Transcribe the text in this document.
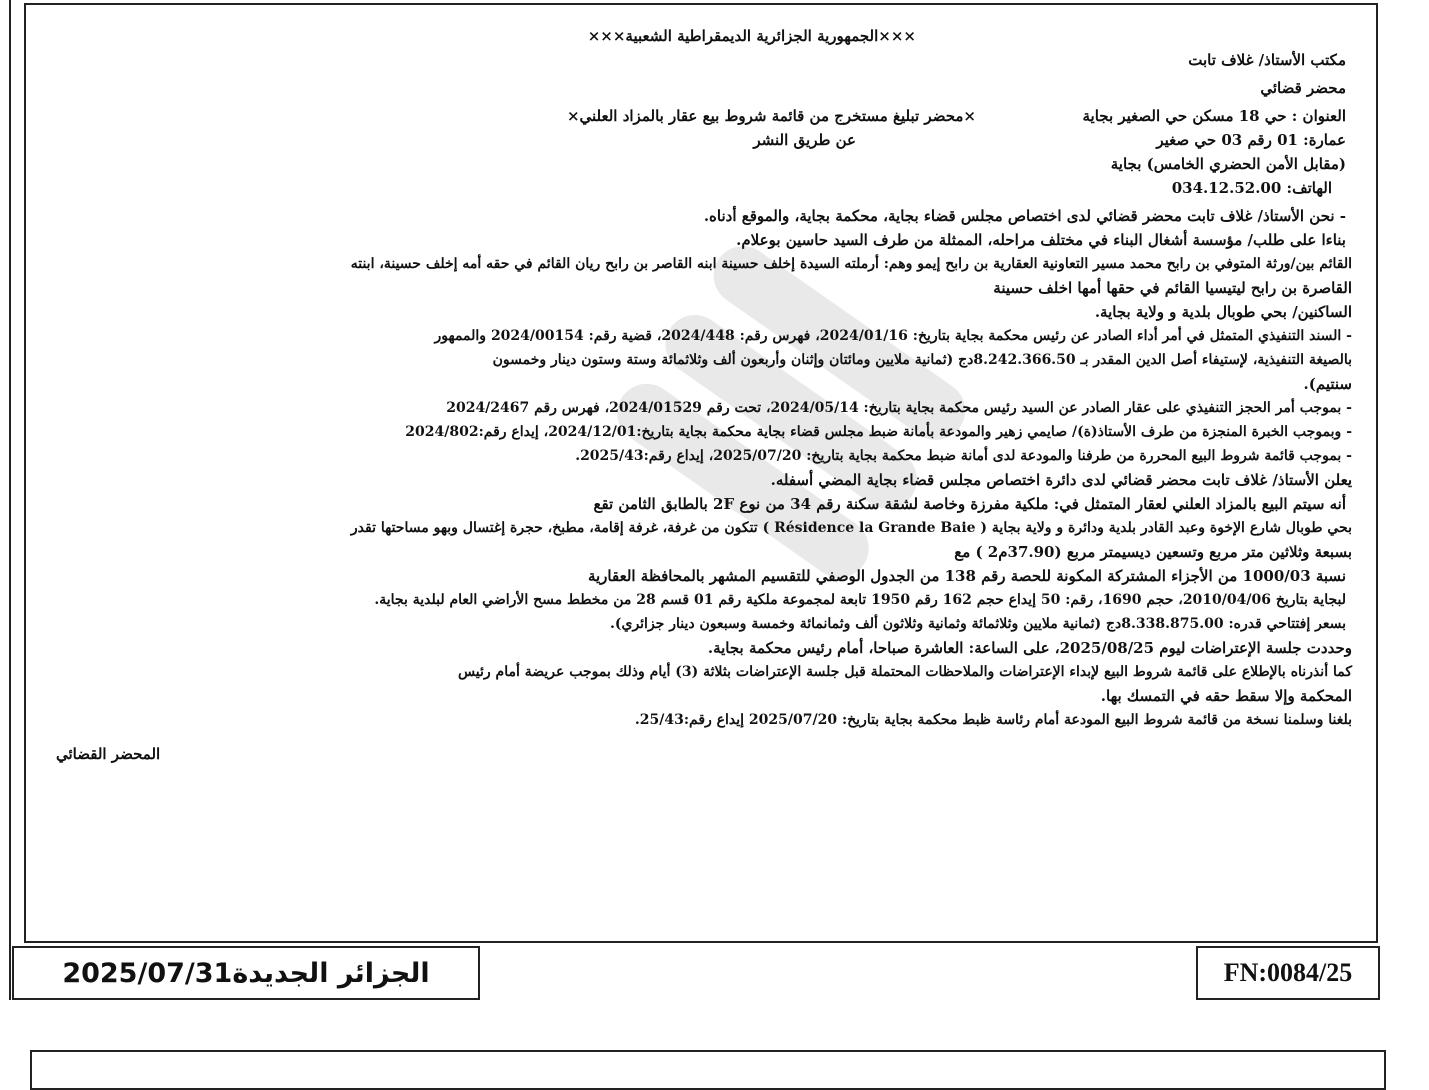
×××الجمهورية الجزائرية الديمقراطية الشعبية×××
مكتب الأستاذ/ غلاف تابت
محضر قضائي
العنوان : حي 18 مسكن حي الصغير بجاية
×محضر تبليغ مستخرج من قائمة شروط بيع عقار بالمزاد العلني×
عمارة: 01 رقم 03 حي صغير
عن طريق النشر
(مقابل الأمن الحضري الخامس) بجاية
الهاتف: 034.12.52.00
- نحن الأستاذ/ غلاف تابت محضر قضائي لدى اختصاص مجلس قضاء بجاية، محكمة بجاية، والموقع أدناه.
بناءا على طلب/ مؤسسة أشغال البناء في مختلف مراحله، الممثلة من طرف السيد حاسين بوعلام.
القائم بين/ورثة المتوفي بن رابح محمد مسير التعاونية العقارية بن رابح إيمو وهم: أرملته السيدة إخلف حسينة ابنه القاصر بن رابح ريان القائم في حقه أمه إخلف حسينة، ابنته
القاصرة بن رابح ليتيسيا القائم في حقها أمها اخلف حسينة
الساكنين/ بحي طوبال بلدية و ولاية بجاية.
- السند التنفيذي المتمثل في أمر أداء الصادر عن رئيس محكمة بجاية بتاريخ: 2024/01/16، فهرس رقم: 2024/448، قضية رقم: 2024/00154 والممهور
بالصيغة التنفيذية، لإستيفاء أصل الدين المقدر بـ 8.242.366.50دج (ثمانية ملايين ومائتان وإثنان وأربعون ألف وثلاثمائة وستة وستون دينار وخمسون
سنتيم).
- بموجب أمر الحجز التنفيذي على عقار الصادر عن السيد رئيس محكمة بجاية بتاريخ: 2024/05/14، تحت رقم 2024/01529، فهرس رقم 2024/2467
- وبموجب الخبرة المنجزة من طرف الأستاذ(ة)/ صايمي زهير والمودعة بأمانة ضبط مجلس قضاء بجاية محكمة بجاية بتاريخ:2024/12/01، إيداع رقم:2024/802
- بموجب قائمة شروط البيع المحررة من طرفنا والمودعة لدى أمانة ضبط محكمة بجاية بتاريخ: 2025/07/20، إيداع رقم:2025/43.
يعلن الأستاذ/ غلاف تابت محضر قضائي لدى دائرة اختصاص مجلس قضاء بجاية المضي أسفله.
أنه سيتم البيع بالمزاد العلني لعقار المتمثل في: ملكية مفرزة وخاصة لشقة سكنة رقم 34 من نوع 2F بالطابق الثامن تقع
بحي طوبال شارع الإخوة وعبد القادر بلدية ودائرة و ولاية بجاية ( Résidence la Grande Baie ) تتكون من غرفة، غرفة إقامة، مطبخ، حجرة إغتسال وبهو مساحتها تقدر
بسبعة وثلاثين متر مربع وتسعين ديسيمتر مربع (37.90م2 ) مع
نسبة 1000/03 من الأجزاء المشتركة المكونة للحصة رقم 138 من الجدول الوصفي للتقسيم المشهر بالمحافظة العقارية
لبجاية بتاريخ 2010/04/06، حجم 1690، رقم: 50 إيداع حجم 162 رقم 1950 تابعة لمجموعة ملكية رقم 01 قسم 28 من مخطط مسح الأراضي العام لبلدية بجاية.
بسعر إفتتاحي قدره: 8.338.875.00دج (ثمانية ملايين وثلاثمائة وثمانية وثلاثون ألف وثمانمائة وخمسة وسبعون دينار جزائري).
وحددت جلسة الإعتراضات ليوم 2025/08/25، على الساعة: العاشرة صباحا، أمام رئيس محكمة بجاية.
كما أنذرناه بالإطلاع على قائمة شروط البيع لإبداء الإعتراضات والملاحظات المحتملة قبل جلسة الإعتراضات بثلاثة (3) أيام وذلك بموجب عريضة أمام رئيس
المحكمة وإلا سقط حقه في التمسك بها.
بلغنا وسلمنا نسخة من قائمة شروط البيع المودعة أمام رئاسة ظبط محكمة بجاية بتاريخ: 2025/07/20 إيداع رقم:25/43.
المحضر القضائي
الجزائر الجديدة2025/07/31	FN:0084/25
